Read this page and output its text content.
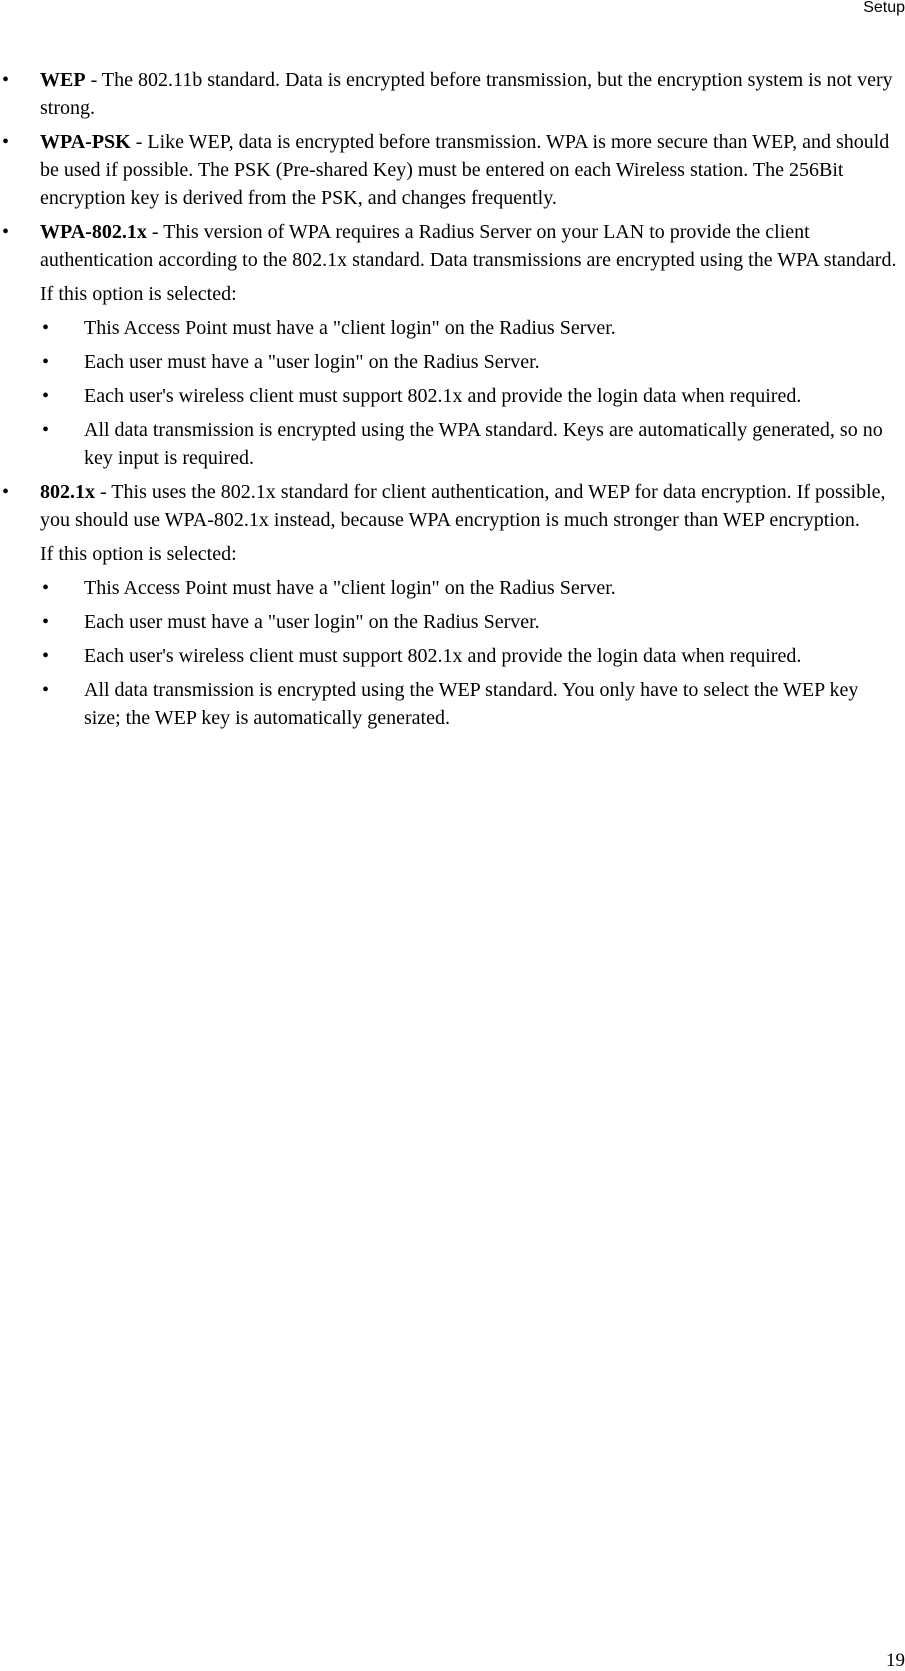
Setup
• WEP - The 802.11b standard. Data is encrypted before transmission, but the encryption system is not very strong.
• WPA-PSK - Like WEP, data is encrypted before transmission. WPA is more secure than WEP, and should be used if possible. The PSK (Pre-shared Key) must be entered on each Wireless station. The 256Bit encryption key is derived from the PSK, and changes frequently.
• WPA-802.1x - This version of WPA requires a Radius Server on your LAN to provide the client authentication according to the 802.1x standard. Data transmissions are encrypted using the WPA standard.
If this option is selected:
• This Access Point must have a "client login" on the Radius Server.
• Each user must have a "user login" on the Radius Server.
• Each user's wireless client must support 802.1x and provide the login data when required.
• All data transmission is encrypted using the WPA standard. Keys are automatically generated, so no key input is required.
• 802.1x - This uses the 802.1x standard for client authentication, and WEP for data encryption. If possible, you should use WPA-802.1x instead, because WPA encryption is much stronger than WEP encryption.
If this option is selected:
• This Access Point must have a "client login" on the Radius Server.
• Each user must have a "user login" on the Radius Server.
• Each user's wireless client must support 802.1x and provide the login data when required.
• All data transmission is encrypted using the WEP standard. You only have to select the WEP key size; the WEP key is automatically generated.
19
